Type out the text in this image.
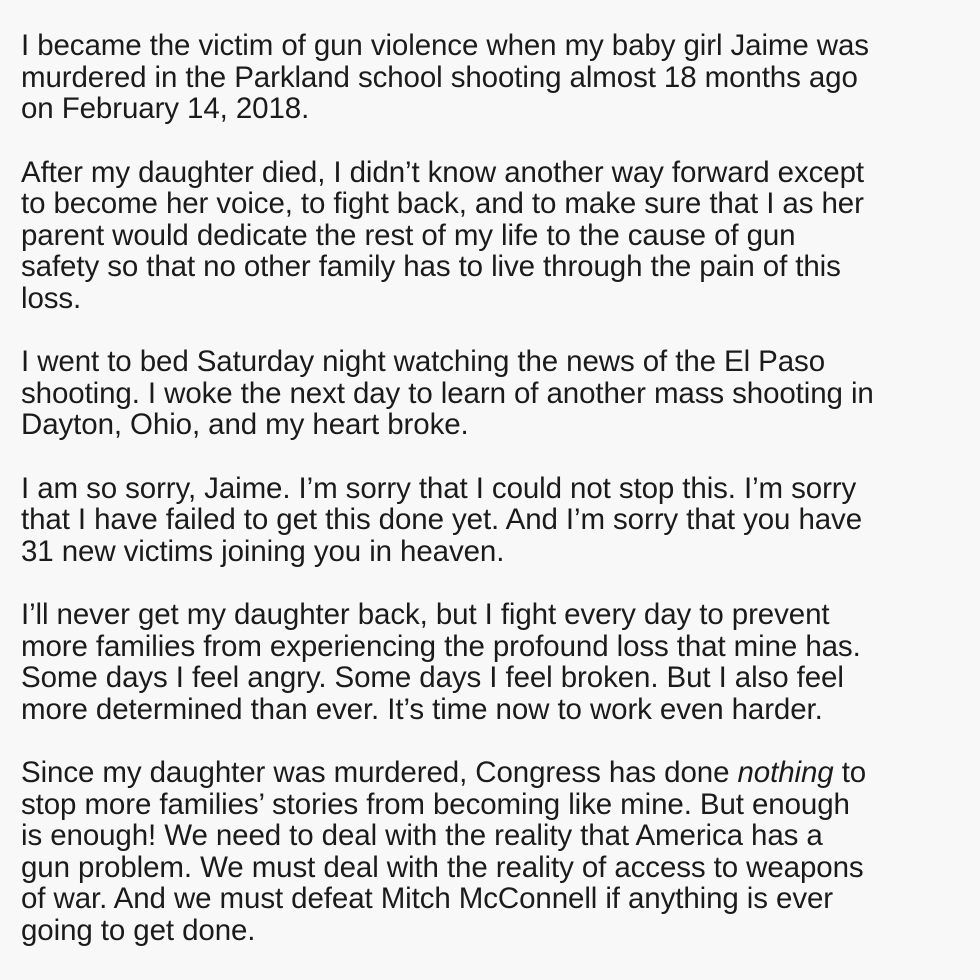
I became the victim of gun violence when my baby girl Jaime was
murdered in the Parkland school shooting almost 18 months ago
on February 14, 2018.

After my daughter died, I didn’t know another way forward except
to become her voice, to fight back, and to make sure that I as her
parent would dedicate the rest of my life to the cause of gun
safety so that no other family has to live through the pain of this
loss.

I went to bed Saturday night watching the news of the El Paso
shooting. I woke the next day to learn of another mass shooting in
Dayton, Ohio, and my heart broke.

I am so sorry, Jaime. I’m sorry that I could not stop this. I’m sorry
that I have failed to get this done yet. And I’m sorry that you have
31 new victims joining you in heaven.

I’ll never get my daughter back, but I fight every day to prevent
more families from experiencing the profound loss that mine has.
Some days I feel angry. Some days I feel broken. But I also feel
more determined than ever. It’s time now to work even harder.

Since my daughter was murdered, Congress has done nothing to
stop more families’ stories from becoming like mine. But enough
is enough! We need to deal with the reality that America has a
gun problem. We must deal with the reality of access to weapons
of war. And we must defeat Mitch McConnell if anything is ever
going to get done.
